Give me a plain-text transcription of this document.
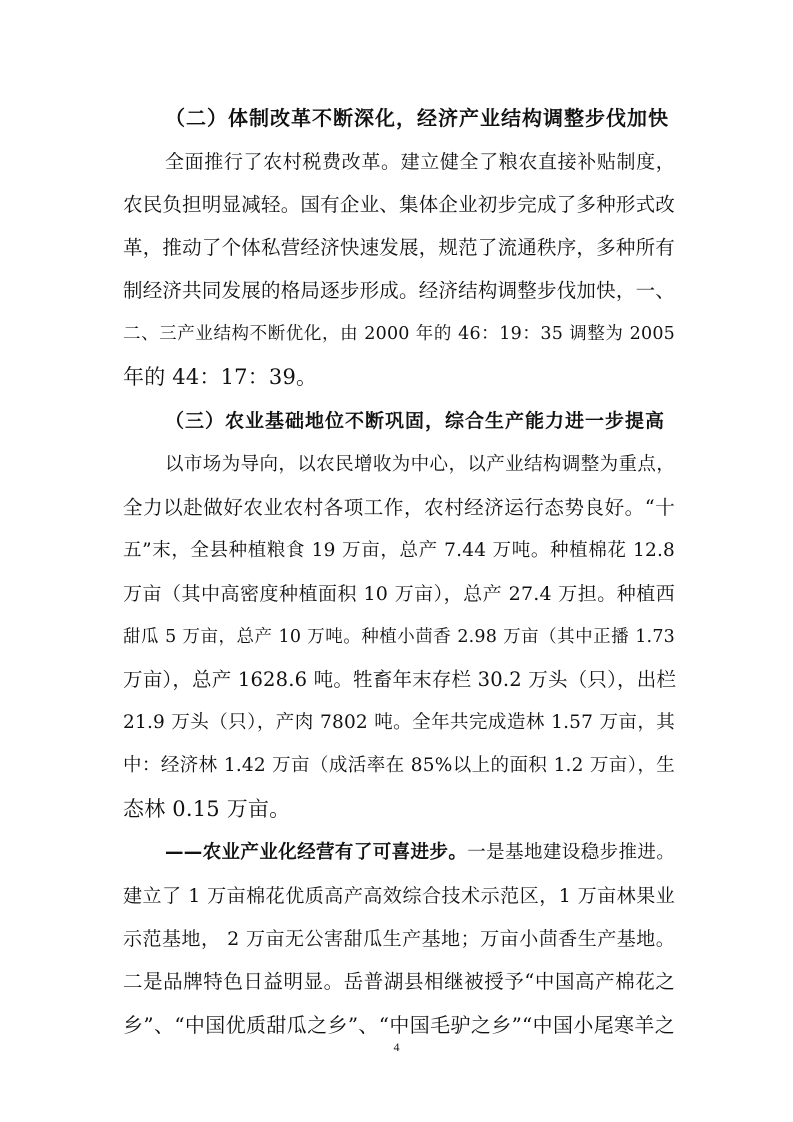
（二）体制改革不断深化，经济产业结构调整步伐加快
全面推行了农村税费改革。建立健全了粮农直接补贴制度，
农民负担明显减轻。国有企业、集体企业初步完成了多种形式改
革，推动了个体私营经济快速发展，规范了流通秩序，多种所有
制经济共同发展的格局逐步形成。经济结构调整步伐加快，一、
二、三产业结构不断优化，由 2000 年的 46：19：35 调整为 2005
年的 44：17：39。
（三）农业基础地位不断巩固，综合生产能力进一步提高
以市场为导向，以农民增收为中心，以产业结构调整为重点，
全力以赴做好农业农村各项工作，农村经济运行态势良好。“十
五”末，全县种植粮食 19 万亩，总产 7.44 万吨。种植棉花 12.8
万亩（其中高密度种植面积 10 万亩），总产 27.4 万担。种植西
甜瓜 5 万亩，总产 10 万吨。种植小茴香 2.98 万亩（其中正播 1.73
万亩），总产 1628.6 吨。牲畜年末存栏 30.2 万头（只），出栏
21.9 万头（只），产肉 7802 吨。全年共完成造林 1.57 万亩，其
中：经济林 1.42 万亩（成活率在 85%以上的面积 1.2 万亩），生
态林 0.15 万亩。
——农业产业化经营有了可喜进步。一是基地建设稳步推进。
建立了 1 万亩棉花优质高产高效综合技术示范区，1 万亩林果业
示范基地， 2 万亩无公害甜瓜生产基地；万亩小茴香生产基地。
二是品牌特色日益明显。岳普湖县相继被授予“中国高产棉花之
乡”、“中国优质甜瓜之乡”、“中国毛驴之乡”“中国小尾寒羊之
4
